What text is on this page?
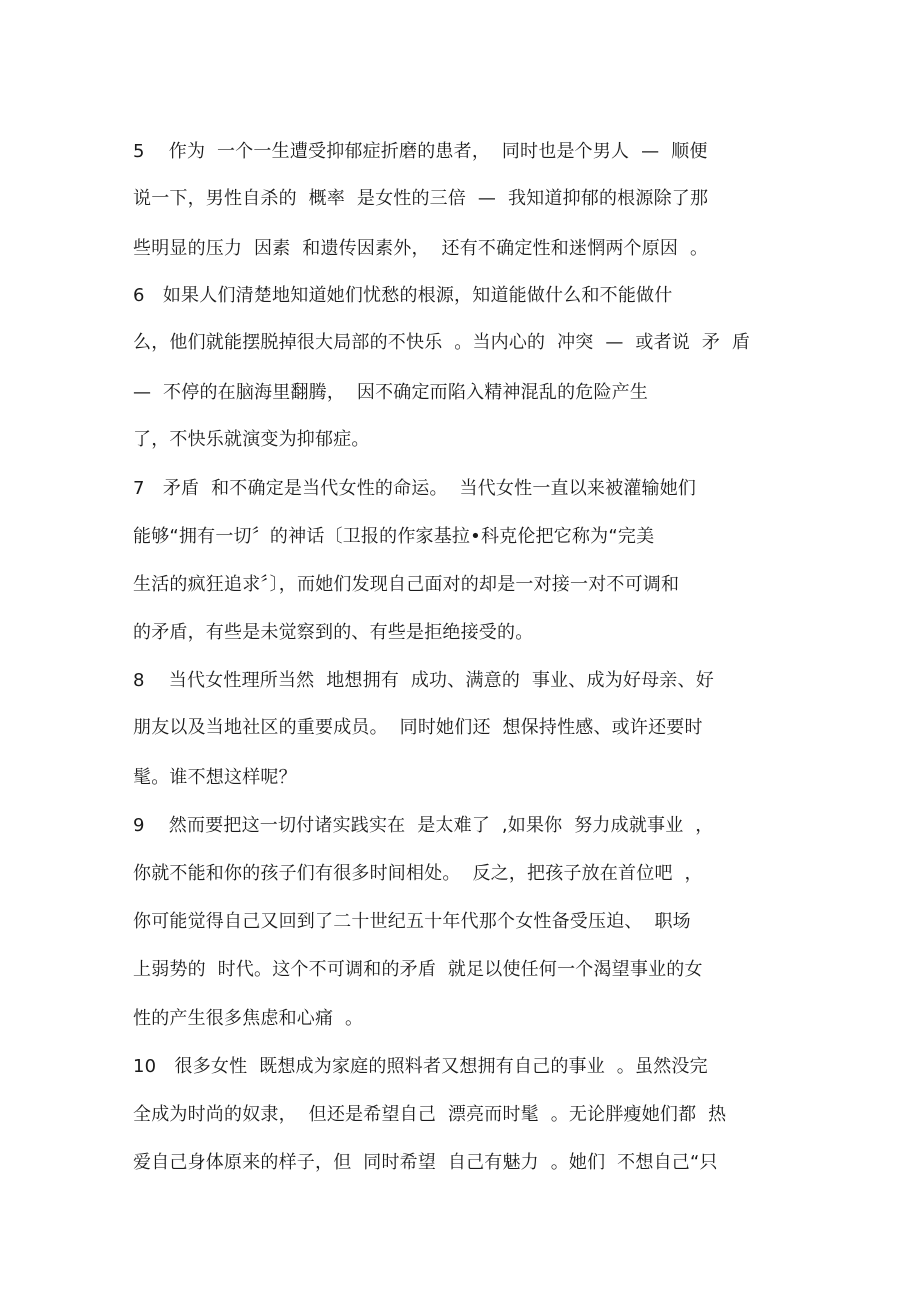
5　 作为  一个一生遭受抑郁症折磨的患者，  同时也是个男人  —  顺便
说一下，男性自杀的  概率  是女性的三倍  —  我知道抑郁的根源除了那
些明显的压力  因素  和遗传因素外，  还有不确定性和迷惘两个原因  。
6　如果人们清楚地知道她们忧愁的根源，知道能做什么和不能做什
么，他们就能摆脱掉很大局部的不快乐  。当内心的  冲突  —  或者说  矛  盾
—  不停的在脑海里翻腾，  因不确定而陷入精神混乱的危险产生
了，不快乐就演变为抑郁症。
7　矛盾  和不确定是当代女性的命运。  当代女性一直以来被灌输她们
能够“拥有一切〞的神话〔卫报的作家基拉•科克伦把它称为“完美
生活的疯狂追求〞〕，而她们发现自己面对的却是一对接一对不可调和
的矛盾，有些是未觉察到的、有些是拒绝接受的。
8　 当代女性理所当然  地想拥有  成功、满意的  事业、成为好母亲、好
朋友以及当地社区的重要成员。  同时她们还  想保持性感、或许还要时
髦。谁不想这样呢？
9　 然而要把这一切付诸实践实在  是太难了  ,如果你  努力成就事业  ，
你就不能和你的孩子们有很多时间相处。  反之，把孩子放在首位吧  ，
你可能觉得自己又回到了二十世纪五十年代那个女性备受压迫、  职场
上弱势的  时代。这个不可调和的矛盾  就足以使任何一个渴望事业的女
性的产生很多焦虑和心痛  。
10　很多女性  既想成为家庭的照料者又想拥有自己的事业  。虽然没完
全成为时尚的奴隶，  但还是希望自己  漂亮而时髦  。无论胖瘦她们都  热
爱自己身体原来的样子，但  同时希望  自己有魅力  。她们  不想自己“只
